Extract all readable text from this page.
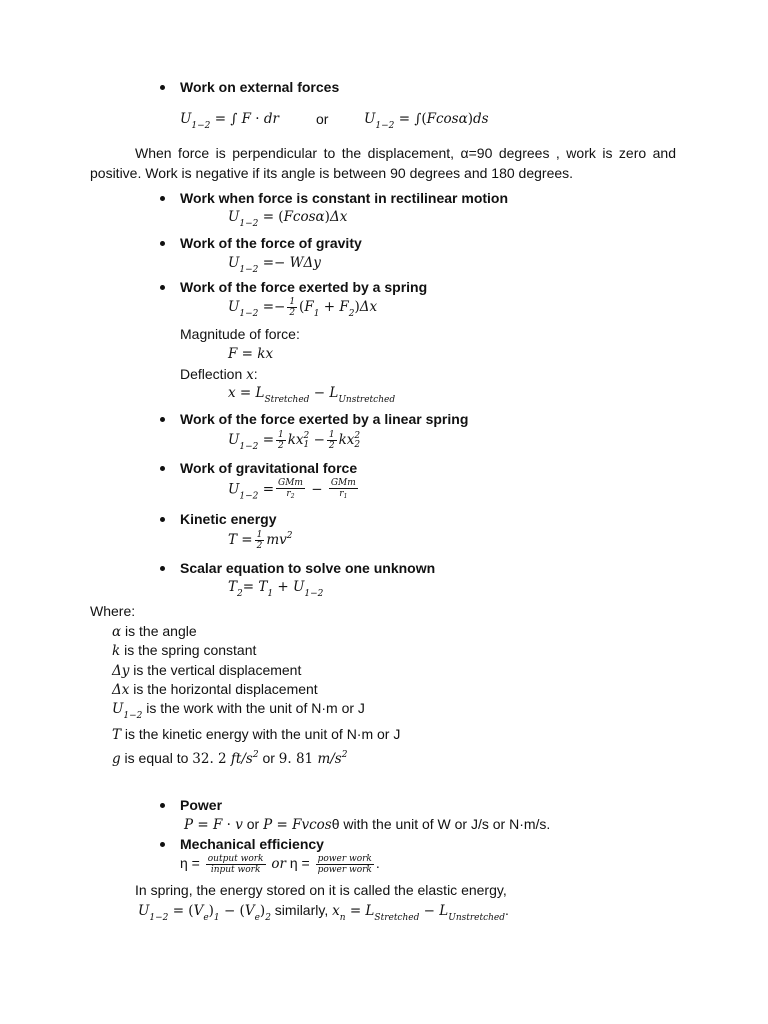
Work on external forces
$U_{1-2}$ = ∫ F · dr	or	$U_{1-2} = \int(Fcos\alpha)ds$
When force is perpendicular to the displacement, α=90 degrees , work is zero and positive. Work is negative if its angle is between 90 degrees and 180 degrees.
Work when force is constant in rectilinear motion
$U_{1-2} = (Fcos\alpha)\Delta x$
Work of the force of gravity
$U_{1-2} =- W\Delta y$
Work of the force exerted by a spring
$U_{1-2} =- \frac{1}{2} (F_1 + F_2)\Delta x$
Magnitude of force:
F = kx
Deflection x:
$x = L_{Stretched} - L_{Unstretched}$
Work of the force exerted by a linear spring
$U_{1-2} = \frac{1}{2}$ kx 2
$1 - \frac{1}{2}$ kx 2
2
Work of gravitational force
$U_{1-2} = \frac{\text{GMm}}{r_2} - \frac{\text{GMm}}{r_1}$
Kinetic energy
$T = \frac{1}{2} mv^2$
Scalar equation to solve one unknown
$T_2= T_1 + U_{1-2}$
Where:
α is the angle
k is the spring constant
Δy is the vertical displacement
Δx is the horizontal displacement
$U_{1-2}$ is the work with the unit of N·m or J
T is the kinetic energy with the unit of N·m or J
g is equal to 32. 2 $ft/s^2$ or 9. 81 $m/s^2$
Power
P = F · v or P = Fvcosθ with the unit of W or J/s or N·m/s.
Mechanical efficiency
$\eta = \frac{\text{output work}}{\text{input work}}$ or $\eta = \frac{\text{power work}}{\text{power work}}$ .
In spring, the energy stored on it is called the elastic energy,
$U_{1-2} = (V_e)_1 - (V_e)_2$ similarly, $x_n = L_{Stretched} - L_{Unstretched}$.
